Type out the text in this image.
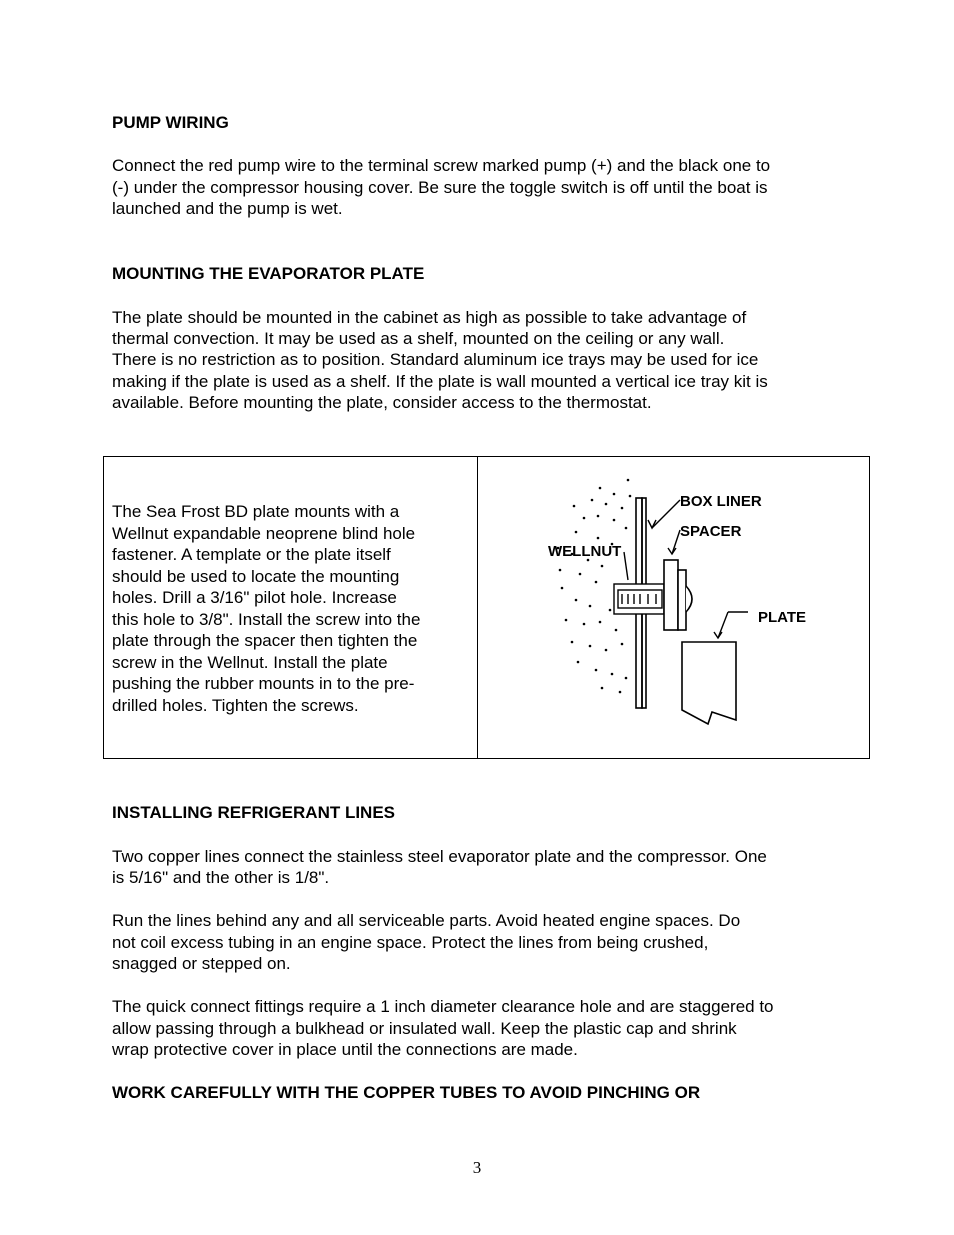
PUMP WIRING

Connect the red pump wire to the terminal screw marked pump (+) and the black one to

(-) under the compressor housing cover. Be sure the toggle switch is off until the boat is

launched and the pump is wet.

MOUNTING THE EVAPORATOR PLATE

The plate should be mounted in the cabinet as high as possible to take advantage of

thermal convection. It may be used as a shelf, mounted on the ceiling or any wall.

There is no restriction as to position. Standard aluminum ice trays may be used for ice

making if the plate is used as a shelf. If the plate is wall mounted a vertical ice tray kit is

available. Before mounting the plate, consider access to the thermostat.

The Sea Frost BD plate mounts with a

Wellnut expandable neoprene blind hole

fastener. A template or the plate itself

should be used to locate the mounting

holes. Drill a 3/16" pilot hole. Increase

this hole to 3/8". Install the screw into the

plate through the spacer then tighten the

screw in the Wellnut. Install the plate

pushing the rubber mounts in to the pre-

drilled holes. Tighten the screws.

BOX LINER
SPACER
WELLNUT
PLATE

INSTALLING REFRIGERANT LINES

Two copper lines connect the stainless steel evaporator plate and the compressor. One

is 5/16" and the other is 1/8".

Run the lines behind any and all serviceable parts. Avoid heated engine spaces. Do

not coil excess tubing in an engine space. Protect the lines from being crushed,

snagged or stepped on.

The quick connect fittings require a 1 inch diameter clearance hole and are staggered to

allow passing through a bulkhead or insulated wall. Keep the plastic cap and shrink

wrap protective cover in place until the connections are made.

WORK CAREFULLY WITH THE COPPER TUBES TO AVOID PINCHING OR

3
